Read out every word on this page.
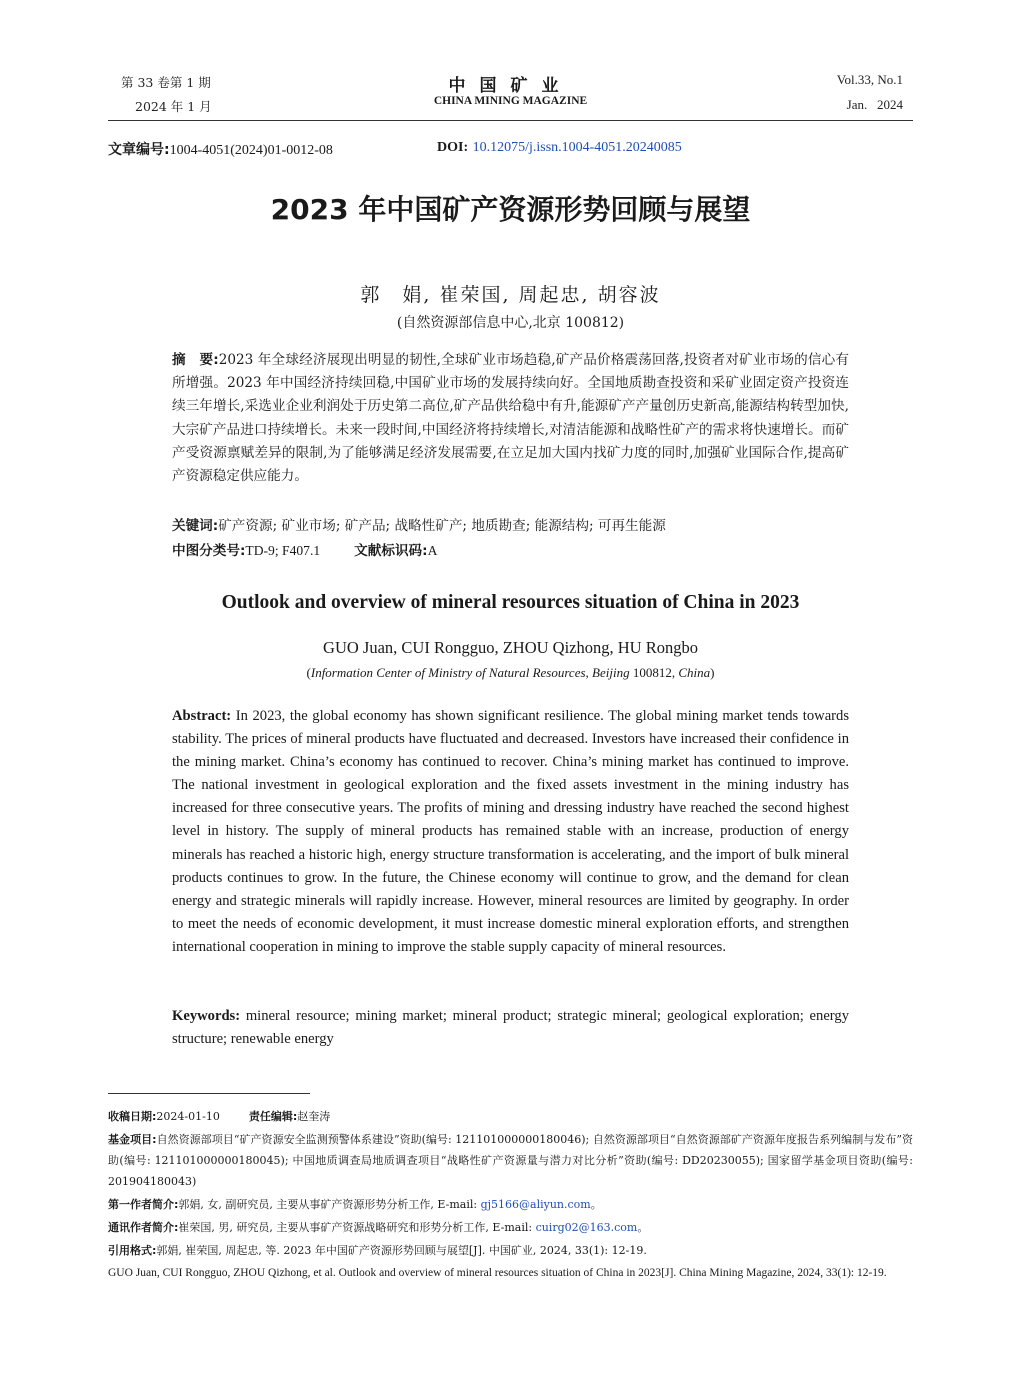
第 33 卷第 1 期
2024 年 1 月
中国矿业
CHINA MINING MAGAZINE
Vol.33, No.1
Jan.   2024
文章编号:1004-4051(2024)01-0012-08	DOI: 10.12075/j.issn.1004-4051.20240085
2023 年中国矿产资源形势回顾与展望
郭　娟, 崔荣国, 周起忠, 胡容波
(自然资源部信息中心,北京 100812)
摘　要:2023 年全球经济展现出明显的韧性,全球矿业市场趋稳,矿产品价格震荡回落,投资者对矿业市场的信心有所增强。2023 年中国经济持续回稳,中国矿业市场的发展持续向好。全国地质勘查投资和采矿业固定资产投资连续三年增长,采选业企业利润处于历史第二高位,矿产品供给稳中有升,能源矿产产量创历史新高,能源结构转型加快,大宗矿产品进口持续增长。未来一段时间,中国经济将持续增长,对清洁能源和战略性矿产的需求将快速增长。而矿产受资源禀赋差异的限制,为了能够满足经济发展需要,在立足加大国内找矿力度的同时,加强矿业国际合作,提高矿产资源稳定供应能力。
关键词:矿产资源; 矿业市场; 矿产品; 战略性矿产; 地质勘查; 能源结构; 可再生能源
中图分类号:TD-9; F407.1	文献标识码:A
Outlook and overview of mineral resources situation of China in 2023
GUO Juan, CUI Rongguo, ZHOU Qizhong, HU Rongbo
(Information Center of Ministry of Natural Resources, Beijing 100812, China)
Abstract: In 2023, the global economy has shown significant resilience. The global mining market tends towards stability. The prices of mineral products have fluctuated and decreased. Investors have increased their confidence in the mining market. China’s economy has continued to recover. China’s mining market has continued to improve. The national investment in geological exploration and the fixed assets investment in the mining industry has increased for three consecutive years. The profits of mining and dressing industry have reached the second highest level in history. The supply of mineral products has remained stable with an increase, production of energy minerals has reached a historic high, energy structure transformation is accelerating, and the import of bulk mineral products continues to grow. In the future, the Chinese economy will continue to grow, and the demand for clean energy and strategic minerals will rapidly increase. However, mineral resources are limited by geography. In order to meet the needs of economic development, it must increase domestic mineral exploration efforts, and strengthen international cooperation in mining to improve the stable supply capacity of mineral resources.
Keywords: mineral resource; mining market; mineral product; strategic mineral; geological exploration; energy structure; renewable energy
收稿日期:2024-01-10	责任编辑:赵奎涛
基金项目:自然资源部项目“矿产资源安全监测预警体系建设”资助(编号: 121101000000180046); 自然资源部项目“自然资源部矿产资源年度报告系列编制与发布”资助(编号: 121101000000180045); 中国地质调查局地质调查项目“战略性矿产资源量与潜力对比分析”资助(编号: DD20230055); 国家留学基金项目资助(编号: 201904180043)
第一作者简介:郭娟, 女, 副研究员, 主要从事矿产资源形势分析工作, E-mail: gj5166@aliyun.com。
通讯作者简介:崔荣国, 男, 研究员, 主要从事矿产资源战略研究和形势分析工作, E-mail: cuirg02@163.com。
引用格式:郭娟, 崔荣国, 周起忠, 等. 2023 年中国矿产资源形势回顾与展望[J]. 中国矿业, 2024, 33(1): 12-19.
GUO Juan, CUI Rongguo, ZHOU Qizhong, et al. Outlook and overview of mineral resources situation of China in 2023[J]. China Mining Magazine, 2024, 33(1): 12-19.
